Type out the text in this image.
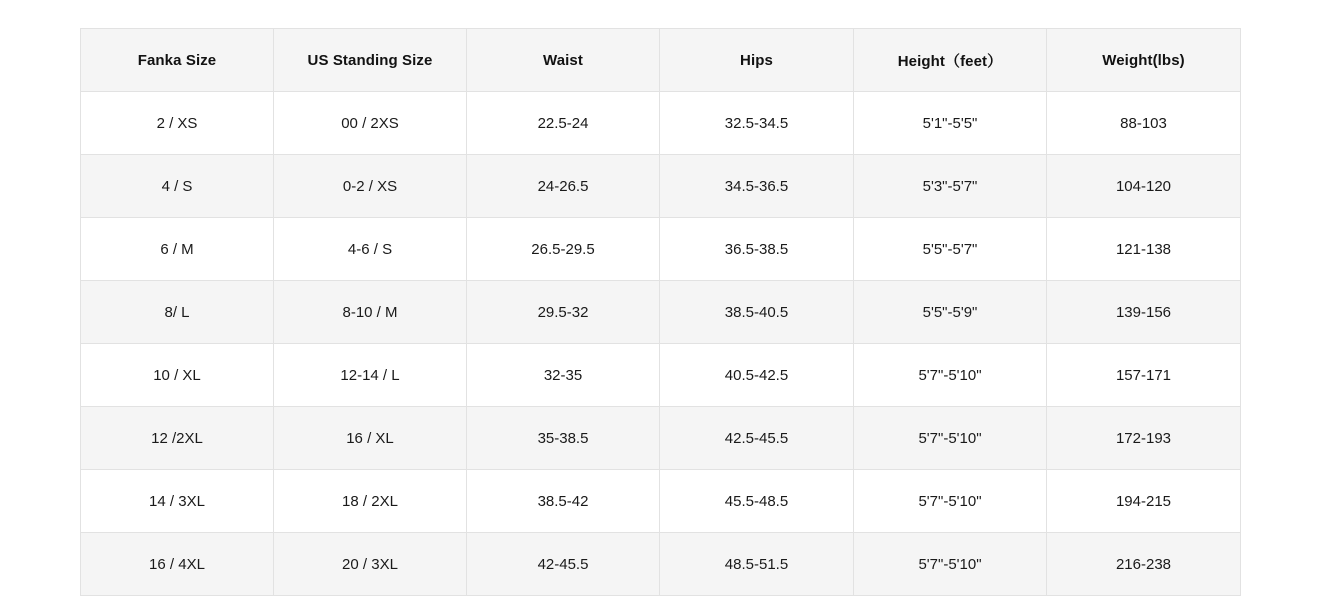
Fanka Size	US Standing Size	Waist	Hips	Height（feet）	Weight(lbs)
2 / XS	00 / 2XS	22.5-24	32.5-34.5	5'1"-5'5"	88-103
4 / S	0-2 / XS	24-26.5	34.5-36.5	5'3"-5'7"	104-120
6 / M	4-6 / S	26.5-29.5	36.5-38.5	5'5"-5'7"	121-138
8/ L	8-10 / M	29.5-32	38.5-40.5	5'5"-5'9"	139-156
10 / XL	12-14 / L	32-35	40.5-42.5	5'7"-5'10"	157-171
12 /2XL	16 / XL	35-38.5	42.5-45.5	5'7"-5'10"	172-193
14 / 3XL	18 / 2XL	38.5-42	45.5-48.5	5'7"-5'10"	194-215
16 / 4XL	20 / 3XL	42-45.5	48.5-51.5	5'7"-5'10"	216-238
